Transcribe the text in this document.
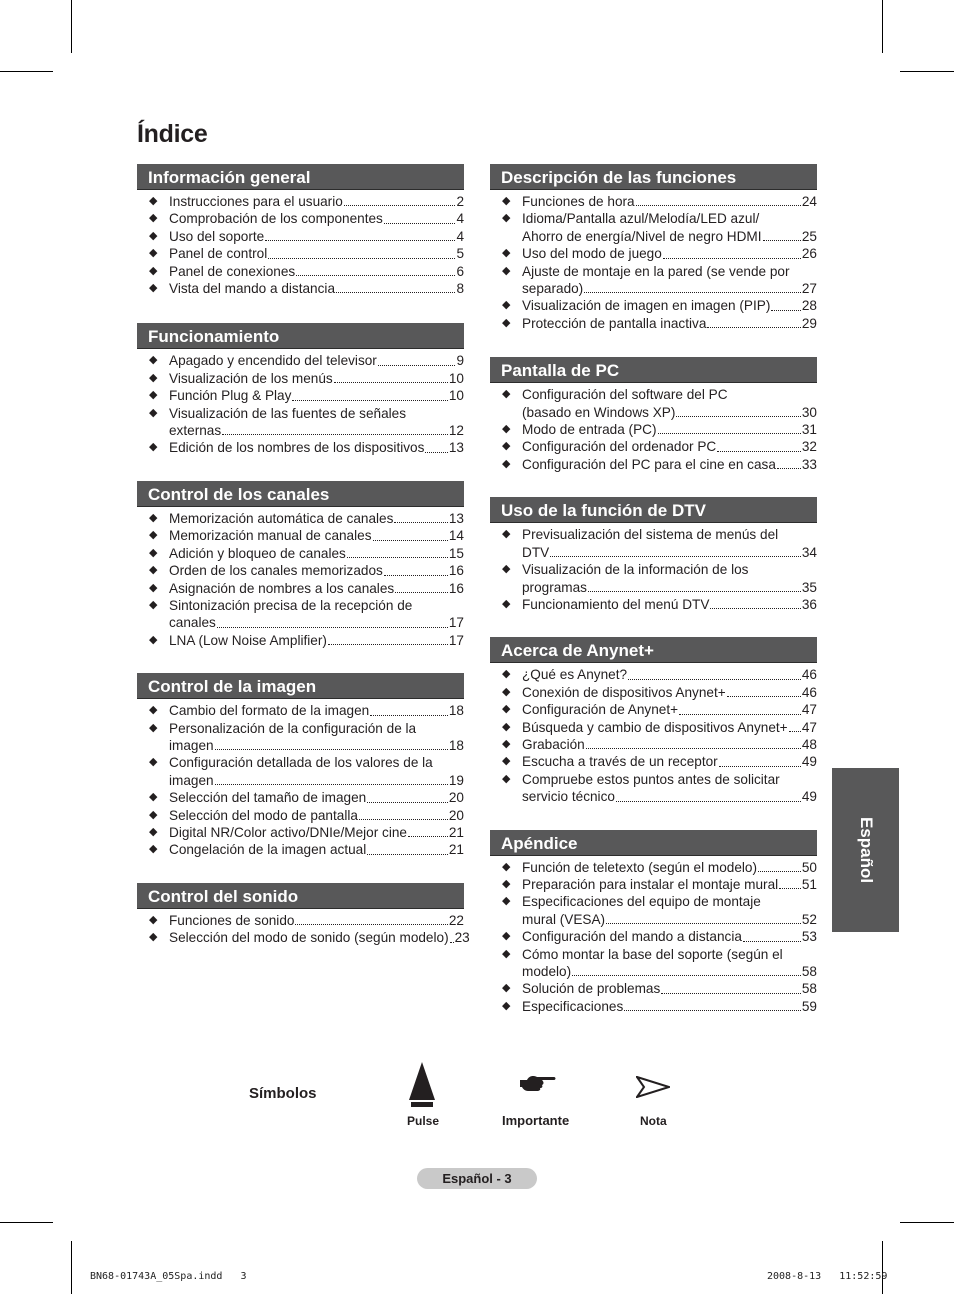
Índice
Información general
◆ Instrucciones para el usuario	2
◆ Comprobación de los componentes	4
◆ Uso del soporte	4
◆ Panel de control	5
◆ Panel de conexiones	6
◆ Vista del mando a distancia	8
Funcionamiento
◆ Apagado y encendido del televisor	9
◆ Visualización de los menús	10
◆ Función Plug & Play	10
◆ Visualización de las fuentes de señales
externas	12
◆ Edición de los nombres de los dispositivos 13
Control de los canales
◆ Memorización automática de canales	13
◆ Memorización manual de canales	14
◆ Adición y bloqueo de canales	15
◆ Orden de los canales memorizados	16
◆ Asignación de nombres a los canales	16
◆ Sintonización precisa de la recepción de
canales	17
◆ LNA (Low Noise Amplifier)	17
Control de la imagen
◆ Cambio del formato de la imagen	18
◆ Personalización de la configuración de la
imagen	18
◆ Configuración detallada de los valores de la
imagen	19
◆ Selección del tamaño de imagen	20
◆ Selección del modo de pantalla	20
◆ Digital NR/Color activo/DNIe/Mejor cine	21
◆ Congelación de la imagen actual	21
Control del sonido
◆ Funciones de sonido	22
◆ Selección del modo de sonido (según modelo) 23
Descripción de las funciones
◆ Funciones de hora	24
◆ Idioma/Pantalla azul/Melodía/LED azul/
Ahorro de energía/Nivel de negro HDMI	25
◆ Uso del modo de juego	26
◆ Ajuste de montaje en la pared (se vende por
separado)	27
◆ Visualización de imagen en imagen (PIP) 28
◆ Protección de pantalla inactiva	29
Pantalla de PC
◆ Configuración del software del PC
(basado en Windows XP)	30
◆ Modo de entrada (PC)	31
◆ Configuración del ordenador PC	32
◆ Configuración del PC para el cine en casa 33
Uso de la función de DTV
◆ Previsualización del sistema de menús del
DTV	34
◆ Visualización de la información de los
programas	35
◆ Funcionamiento del menú DTV	36
Acerca de Anynet+
◆ ¿Qué es Anynet?	46
◆ Conexión de dispositivos Anynet+	46
◆ Configuración de Anynet+	47
◆ Búsqueda y cambio de dispositivos Anynet+ 47
◆ Grabación	48
◆ Escucha a través de un receptor	49
◆ Compruebe estos puntos antes de solicitar
servicio técnico	49
Apéndice
◆ Función de teletexto (según el modelo)	50
◆ Preparación para instalar el montaje mural 51
◆ Especificaciones del equipo de montaje
mural (VESA)	52
◆ Configuración del mando a distancia	53
◆ Cómo montar la base del soporte (según el
modelo)	58
◆ Solución de problemas	58
◆ Especificaciones	59
Español
Símbolos
Pulse	Importante	Nota
Español - 3
BN68-01743A_05Spa.indd   3	2008-8-13   11:52:59
